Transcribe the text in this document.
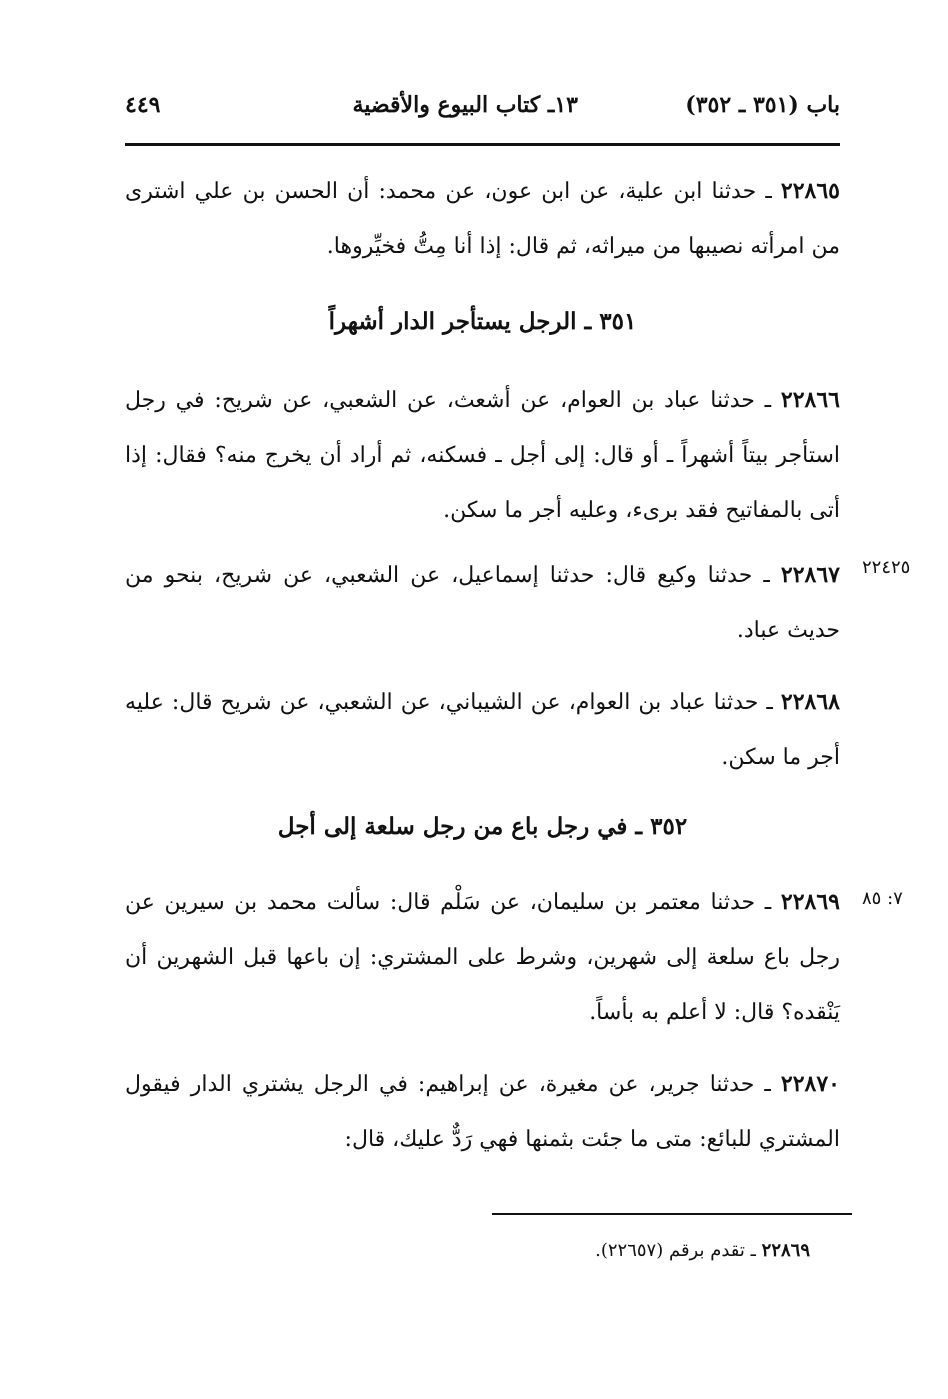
باب (٣٥١ ـ ٣٥٢)
١٣ـ كتاب البيوع والأقضية
٤٤٩
٢٢٨٦٥ ـ حدثنا ابن علية، عن ابن عون، عن محمد: أن الحسن بن علي اشترى من امرأته نصيبها من ميراثه، ثم قال: إذا أنا مِتُّ فخيِّروها.
٣٥١ ـ الرجل يستأجر الدار أشهراً
٢٢٨٦٦ ـ حدثنا عباد بن العوام، عن أشعث، عن الشعبي، عن شريح: في رجل استأجر بيتاً أشهراً ـ أو قال: إلى أجل ـ فسكنه، ثم أراد أن يخرج منه؟ فقال: إذا أتى بالمفاتيح فقد برىء، وعليه أجر ما سكن.
٢٢٤٢٥
٢٢٨٦٧ ـ حدثنا وكيع قال: حدثنا إسماعيل، عن الشعبي، عن شريح، بنحو من حديث عباد.
٢٢٨٦٨ ـ حدثنا عباد بن العوام، عن الشيباني، عن الشعبي، عن شريح قال: عليه أجر ما سكن.
٣٥٢ ـ في رجل باع من رجل سلعة إلى أجل
٧: ٨٥
٢٢٨٦٩ ـ حدثنا معتمر بن سليمان، عن سَلْم قال: سألت محمد بن سيرين عن رجل باع سلعة إلى شهرين، وشرط على المشتري: إن باعها قبل الشهرين أن يَنْقده؟ قال: لا أعلم به بأساً.
٢٢٨٧٠ ـ حدثنا جرير، عن مغيرة، عن إبراهيم: في الرجل يشتري الدار فيقول المشتري للبائع: متى ما جئت بثمنها فهي رَدٌّ عليك، قال:
٢٢٨٦٩ ـ تقدم برقم (٢٢٦٥٧).
